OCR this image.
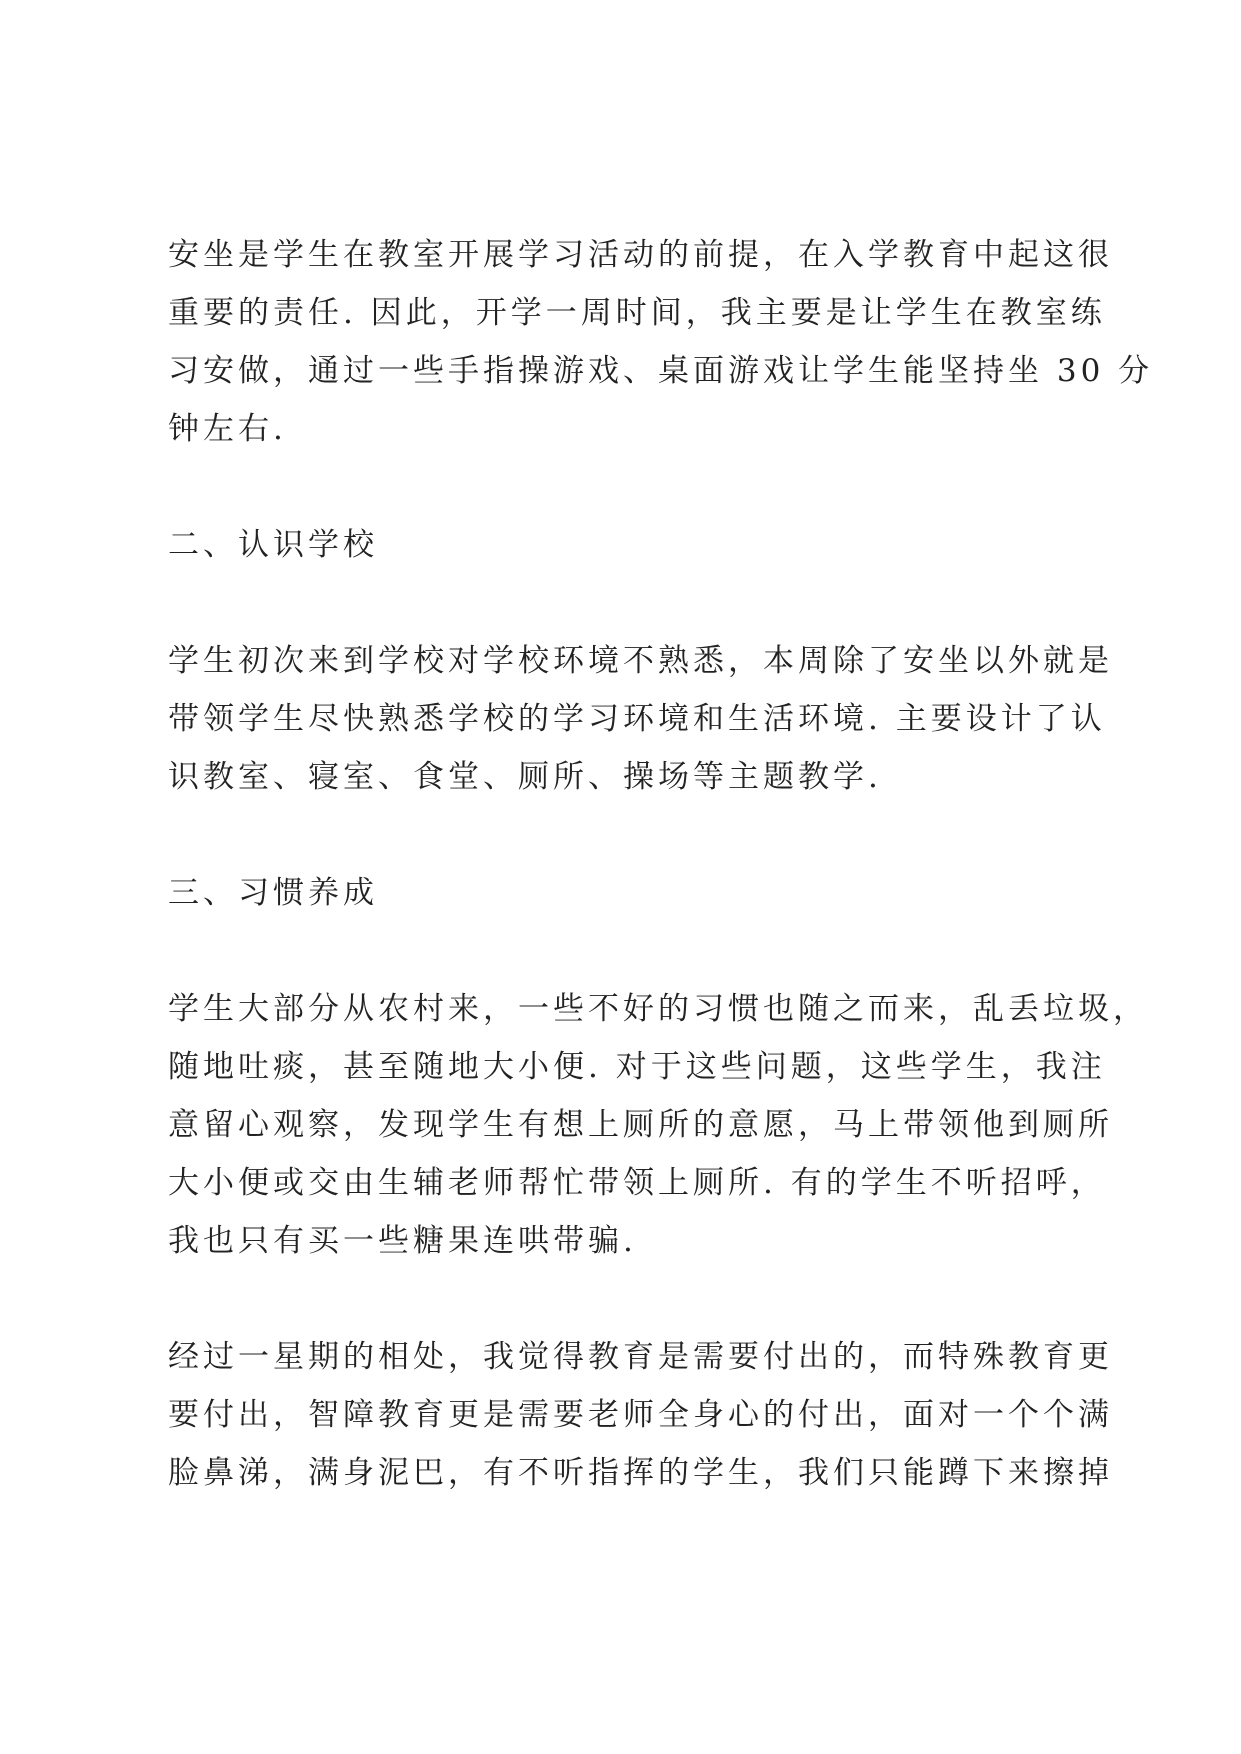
安坐是学生在教室开展学习活动的前提，在入学教育中起这很
重要的责任. 因此，开学一周时间，我主要是让学生在教室练
习安做，通过一些手指操游戏、桌面游戏让学生能坚持坐 30 分
钟左右.
二、认识学校
学生初次来到学校对学校环境不熟悉，本周除了安坐以外就是
带领学生尽快熟悉学校的学习环境和生活环境. 主要设计了认
识教室、寝室、食堂、厕所、操场等主题教学.
三、习惯养成
学生大部分从农村来，一些不好的习惯也随之而来，乱丢垃圾，
随地吐痰，甚至随地大小便. 对于这些问题，这些学生，我注
意留心观察，发现学生有想上厕所的意愿，马上带领他到厕所
大小便或交由生辅老师帮忙带领上厕所. 有的学生不听招呼，
我也只有买一些糖果连哄带骗.
经过一星期的相处，我觉得教育是需要付出的，而特殊教育更
要付出，智障教育更是需要老师全身心的付出，面对一个个满
脸鼻涕，满身泥巴，有不听指挥的学生，我们只能蹲下来擦掉
